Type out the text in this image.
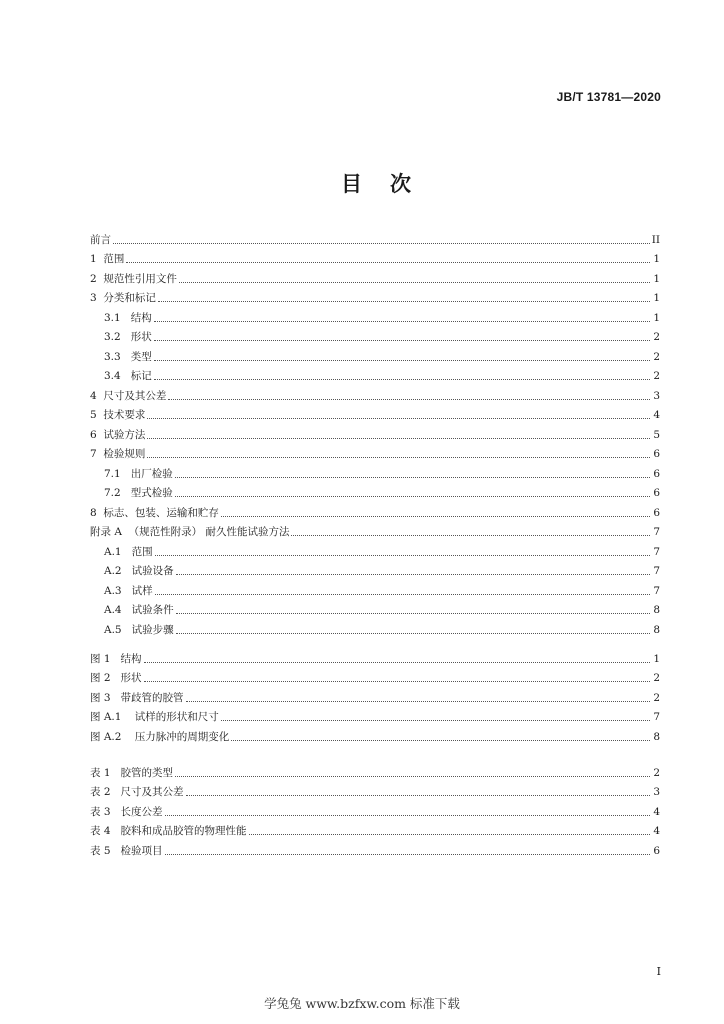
JB/T 13781—2020
目次
前言	II
1 范围	1
2 规范性引用文件	1
3 分类和标记	1
3.1 结构	1
3.2 形状	2
3.3 类型	2
3.4 标记	2
4 尺寸及其公差	3
5 技术要求	4
6 试验方法	5
7 检验规则	6
7.1 出厂检验	6
7.2 型式检验	6
8 标志、包装、运输和贮存	6
附录 A （规范性附录） 耐久性能试验方法	7
A.1 范围	7
A.2 试验设备	7
A.3 试样	7
A.4 试验条件	8
A.5 试验步骤	8
图 1 结构	1
图 2 形状	2
图 3 带歧管的胶管	2
图 A.1 试样的形状和尺寸	7
图 A.2 压力脉冲的周期变化	8
表 1 胶管的类型	2
表 2 尺寸及其公差	3
表 3 长度公差	4
表 4 胶料和成品胶管的物理性能	4
表 5 检验项目	6
I
学兔兔 www.bzfxw.com 标准下载
